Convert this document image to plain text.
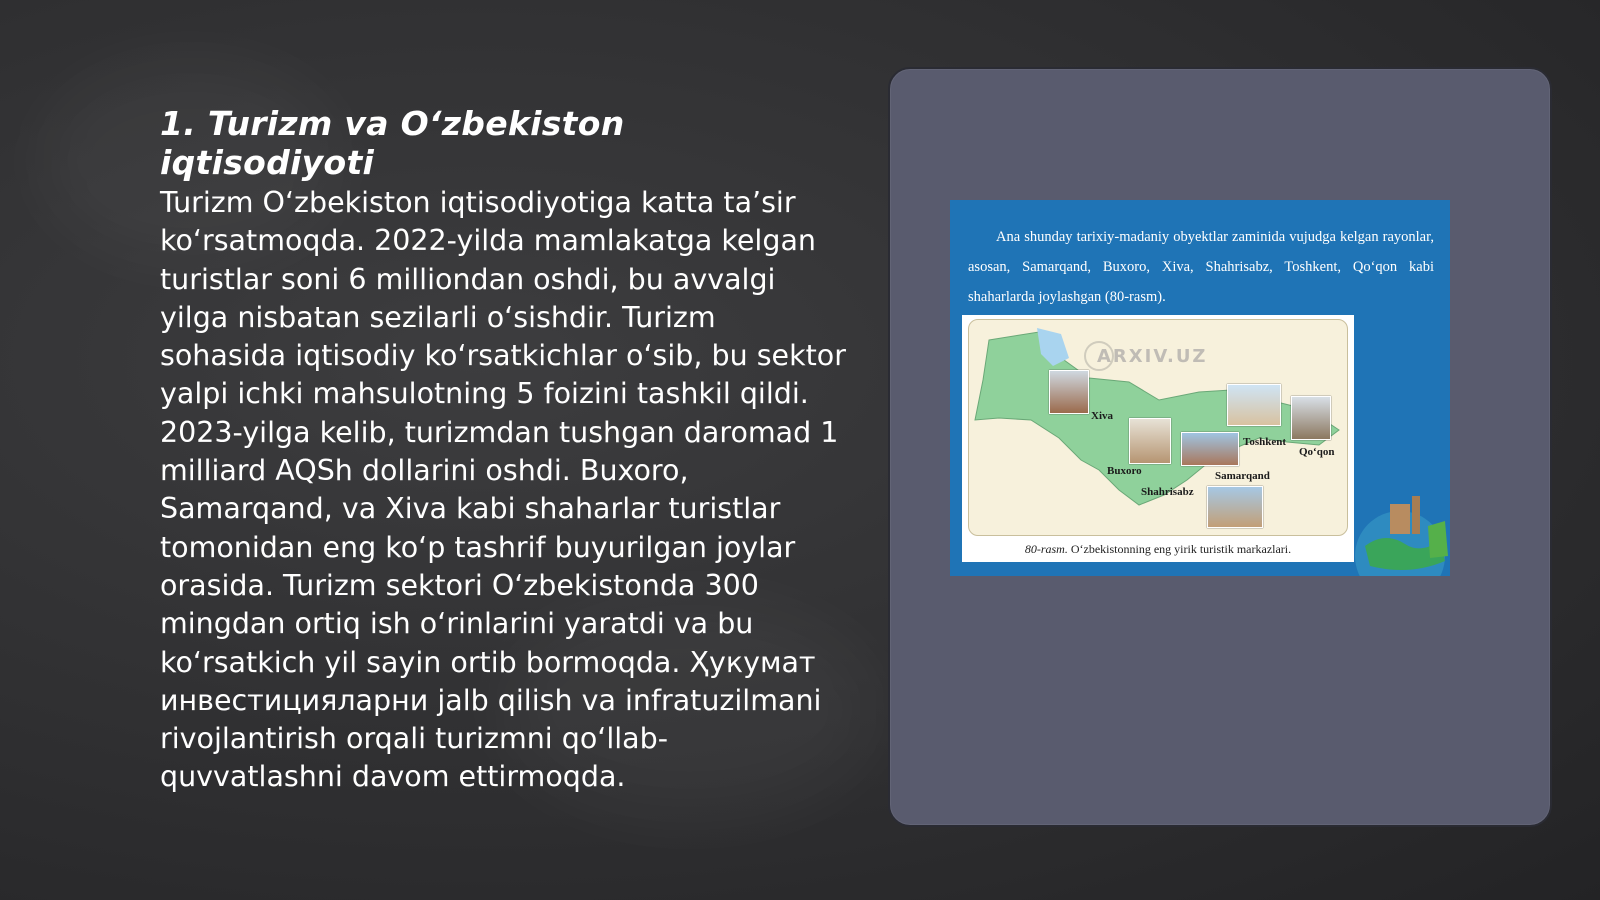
1. Turizm va O‘zbekiston iqtisodiyoti
Turizm O‘zbekiston iqtisodiyotiga katta ta’sir ko‘rsatmoqda. 2022-yilda mamlakatga kelgan turistlar soni 6 milliondan oshdi, bu avvalgi yilga nisbatan sezilarli o‘sishdir. Turizm sohasida iqtisodiy ko‘rsatkichlar o‘sib, bu sektor yalpi ichki mahsulotning 5 foizini tashkil qildi. 2023-yilga kelib, turizmdan tushgan daromad 1 milliard AQSh dollarini oshdi. Buxoro, Samarqand, va Xiva kabi shaharlar turistlar tomonidan eng ko‘p tashrif buyurilgan joylar orasida. Turizm sektori O‘zbekistonda 300 mingdan ortiq ish o‘rinlarini yaratdi va bu ko‘rsatkich yil sayin ortib bormoqda. Ҳукумат инвестицияларни jalb qilish va infratuzilmani rivojlantirish orqali turizmni qo‘llab-quvvatlashni davom ettirmoqda.
Ana shunday tarixiy-madaniy obyektlar zaminida vujudga kelgan rayonlar, asosan, Samarqand, Buxoro, Xiva, Shahrisabz, Toshkent, Qo‘qon kabi shaharlarda joylashgan (80-rasm).
ARXIV.UZ
Xiva
Buxoro
Shahrisabz
Samarqand
Toshkent
Qo‘qon
80-rasm. O‘zbekistonning eng yirik turistik markazlari.
